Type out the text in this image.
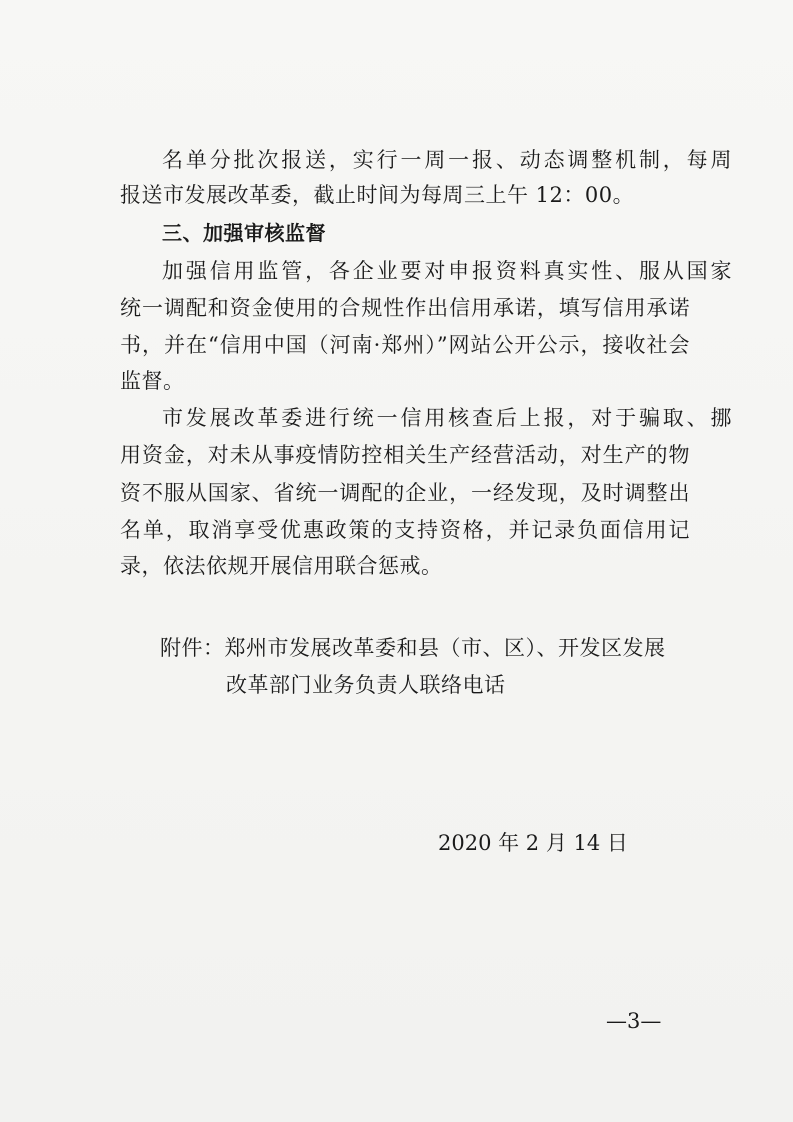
名单分批次报送，实行一周一报、动态调整机制，每周
报送市发展改革委，截止时间为每周三上午 12：00。
三、加强审核监督
加强信用监管，各企业要对申报资料真实性、服从国家
统一调配和资金使用的合规性作出信用承诺，填写信用承诺
书，并在“信用中国（河南·郑州）”网站公开公示，接收社会
监督。
市发展改革委进行统一信用核查后上报，对于骗取、挪
用资金，对未从事疫情防控相关生产经营活动，对生产的物
资不服从国家、省统一调配的企业，一经发现，及时调整出
名单，取消享受优惠政策的支持资格，并记录负面信用记
录，依法依规开展信用联合惩戒。
附件：郑州市发展改革委和县（市、区）、开发区发展
改革部门业务负责人联络电话
2020 年 2 月 14 日
—3—
